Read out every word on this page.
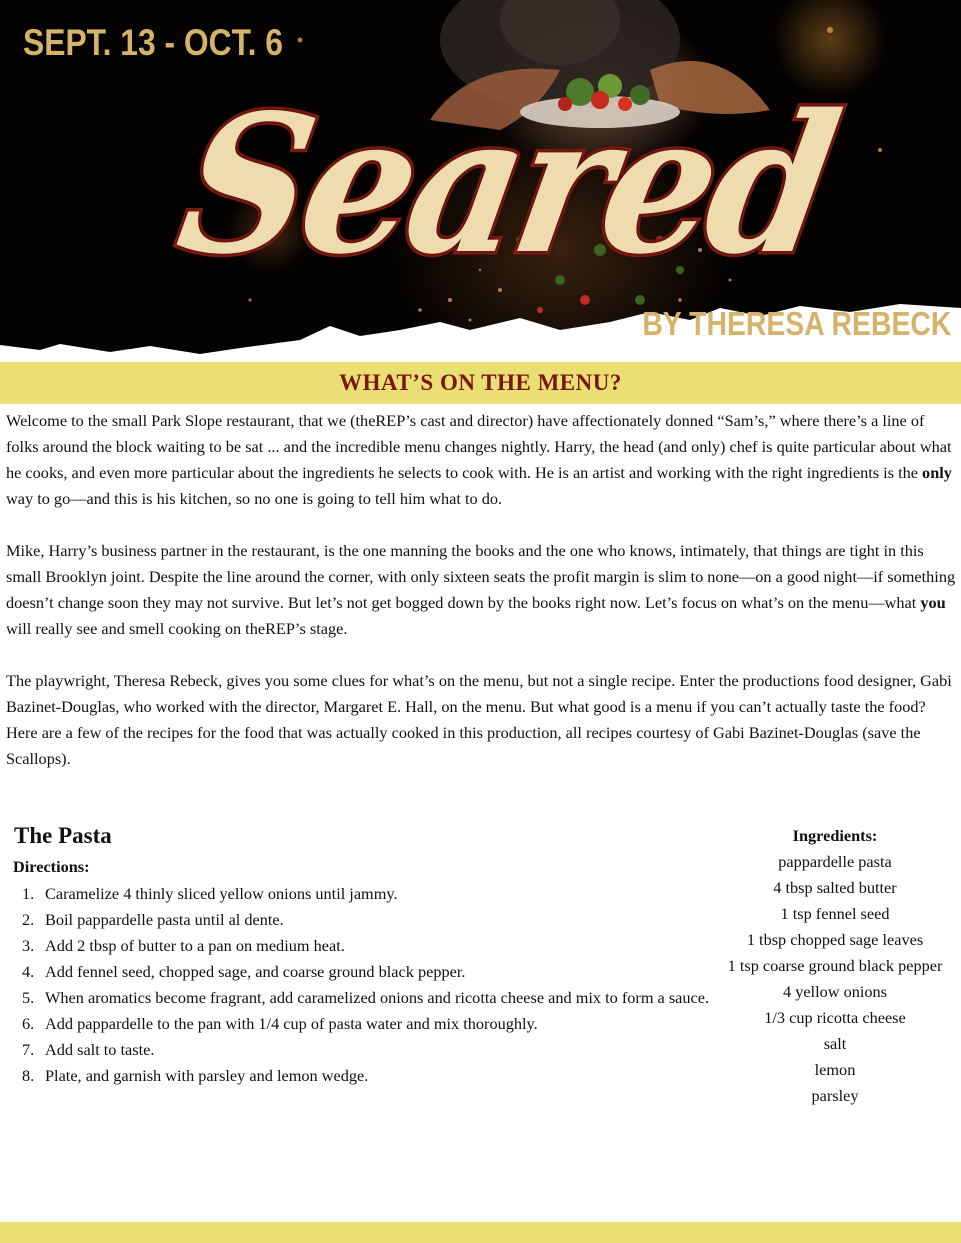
SEPT. 13 - OCT. 6
Seared
BY THERESA REBECK
WHAT’S ON THE MENU?

Welcome to the small Park Slope restaurant, that we (theREP’s cast and director) have affectionately donned “Sam’s,” where there’s a line of folks around the block waiting to be sat ... and the incredible menu changes nightly. Harry, the head (and only) chef is quite particular about what he cooks, and even more particular about the ingredients he selects to cook with. He is an artist and working with the right ingredients is the only way to go—and this is his kitchen, so no one is going to tell him what to do.

Mike, Harry’s business partner in the restaurant, is the one manning the books and the one who knows, intimately, that things are tight in this small Brooklyn joint. Despite the line around the corner, with only sixteen seats the profit margin is slim to none—on a good night—if something doesn’t change soon they may not survive. But let’s not get bogged down by the books right now. Let’s focus on what’s on the menu—what you will really see and smell cooking on theREP’s stage.

The playwright, Theresa Rebeck, gives you some clues for what’s on the menu, but not a single recipe. Enter the productions food designer, Gabi Bazinet-Douglas, who worked with the director, Margaret E. Hall, on the menu. But what good is a menu if you can’t actually taste the food? Here are a few of the recipes for the food that was actually cooked in this production, all recipes courtesy of Gabi Bazinet-Douglas (save the Scallops).

The Pasta
Directions:
1. Caramelize 4 thinly sliced yellow onions until jammy.
2. Boil pappardelle pasta until al dente.
3. Add 2 tbsp of butter to a pan on medium heat.
4. Add fennel seed, chopped sage, and coarse ground black pepper.
5. When aromatics become fragrant, add caramelized onions and ricotta cheese and mix to form a sauce.
6. Add pappardelle to the pan with 1/4 cup of pasta water and mix thoroughly.
7. Add salt to taste.
8. Plate, and garnish with parsley and lemon wedge.
Ingredients:
pappardelle pasta
4 tbsp salted butter
1 tsp fennel seed
1 tbsp chopped sage leaves
1 tsp coarse ground black pepper
4 yellow onions
1/3 cup ricotta cheese
salt
lemon
parsley
